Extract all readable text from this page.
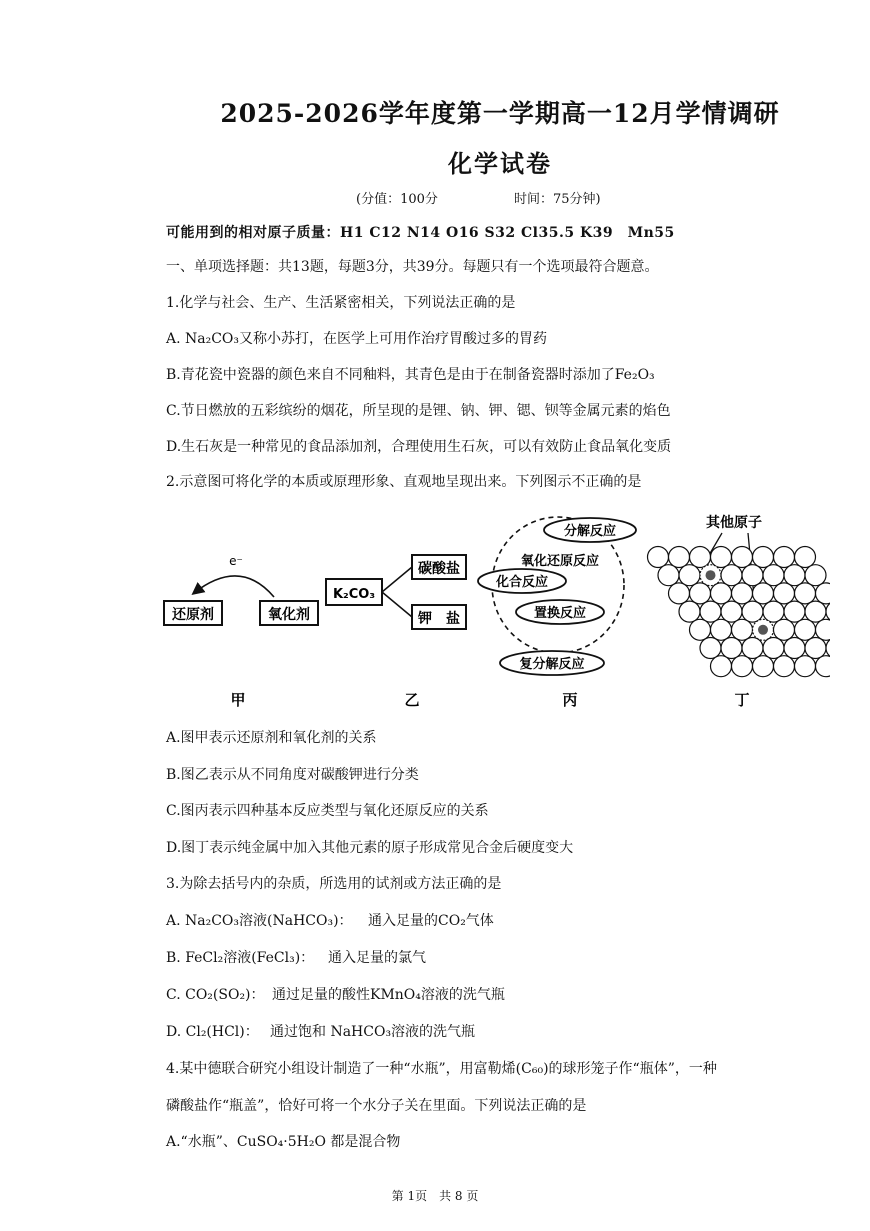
2025-2026学年度第一学期高一12月学情调研
化学试卷
(分值：100分	时间：75分钟)
可能用到的相对原子质量：H1 C12 N14 O16 S32 Cl35.5 K39　Mn55
一、单项选择题：共13题，每题3分，共39分。每题只有一个选项最符合题意。
1.化学与社会、生产、生活紧密相关，下列说法正确的是
A. Na₂CO₃又称小苏打，在医学上可用作治疗胃酸过多的胃药
B.青花瓷中瓷器的颜色来自不同釉料，其青色是由于在制备瓷器时添加了Fe₂O₃
C.节日燃放的五彩缤纷的烟花，所呈现的是锂、钠、钾、锶、钡等金属元素的焰色
D.生石灰是一种常见的食品添加剂，合理使用生石灰，可以有效防止食品氧化变质
2.示意图可将化学的本质或原理形象、直观地呈现出来。下列图示不正确的是
e⁻
还原剂	氧化剂
甲
K₂CO₃
碳酸盐
钾　盐
乙
分解反应
氧化还原反应
化合反应
置换反应
复分解反应
丙
其他原子
丁
A.图甲表示还原剂和氧化剂的关系
B.图乙表示从不同角度对碳酸钾进行分类
C.图丙表示四种基本反应类型与氧化还原反应的关系
D.图丁表示纯金属中加入其他元素的原子形成常见合金后硬度变大
3.为除去括号内的杂质，所选用的试剂或方法正确的是
A. Na₂CO₃溶液(NaHCO₃)： 通入足量的CO₂气体
B. FeCl₂溶液(FeCl₃)： 通入足量的氯气
C. CO₂(SO₂)： 通过足量的酸性KMnO₄溶液的洗气瓶
D. Cl₂(HCl)： 通过饱和 NaHCO₃溶液的洗气瓶
4.某中德联合研究小组设计制造了一种“水瓶”，用富勒烯(C₆₀)的球形笼子作“瓶体”，一种
磷酸盐作“瓶盖”，恰好可将一个水分子关在里面。下列说法正确的是
A.“水瓶”、CuSO₄·5H₂O 都是混合物
第 1页　共 8 页
